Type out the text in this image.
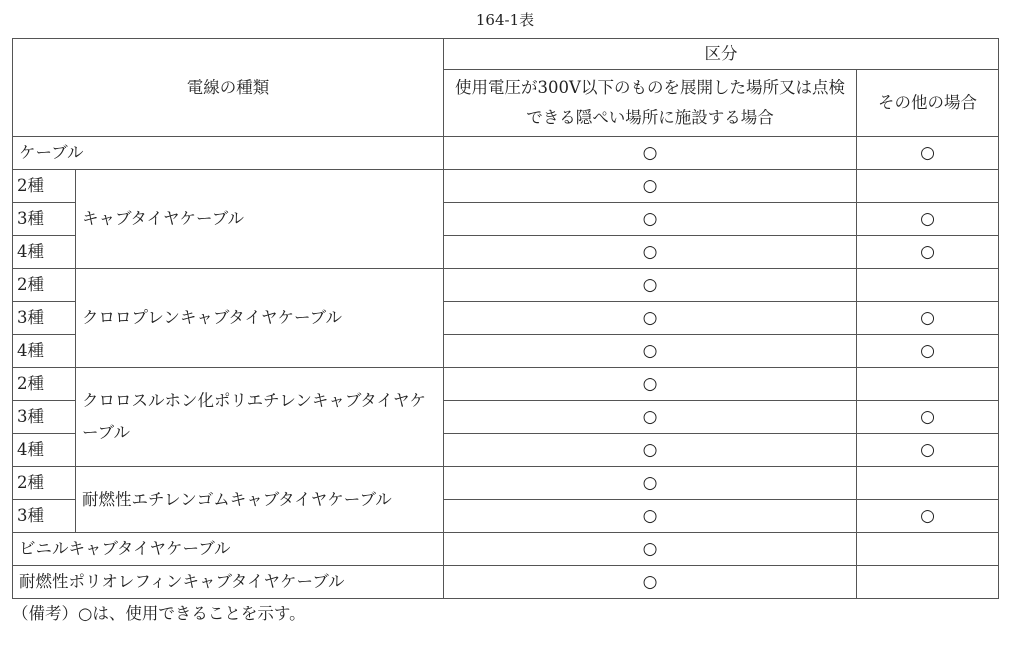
164-1表
電線の種類		区分	
		使用電圧が300V以下のものを展開した場所又は点検できる隠ぺい場所に施設する場合	その他の場合
ケーブル		○	○
2種	キャブタイヤケーブル	○	
3種		○	○
4種		○	○
2種	クロロプレンキャブタイヤケーブル	○	
3種		○	○
4種		○	○
2種	クロロスルホン化ポリエチレンキャブタイヤケーブル	○	
3種		○	○
4種		○	○
2種	耐燃性エチレンゴムキャブタイヤケーブル	○	
3種		○	○
ビニルキャブタイヤケーブル		○	
耐燃性ポリオレフィンキャブタイヤケーブル		○	
（備考）○は、使用できることを示す。
